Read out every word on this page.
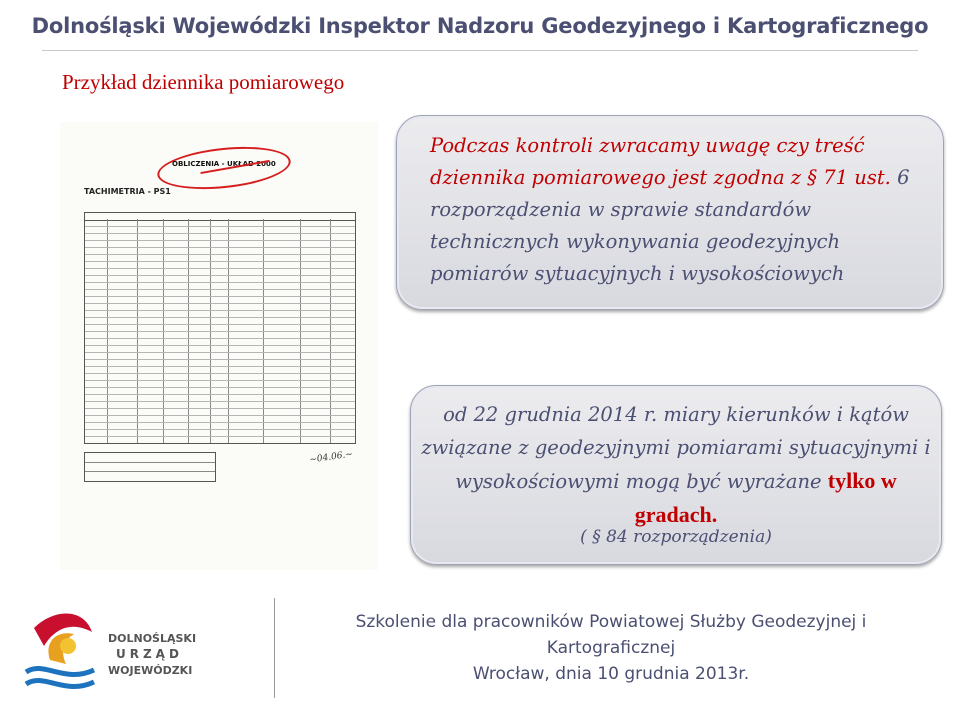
Dolnośląski Wojewódzki Inspektor Nadzoru Geodezyjnego i Kartograficznego
Przykład dziennika pomiarowego
OBLICZENIA - UKŁAD 2000
TACHIMETRIA - PS1
~04.06.~
Podczas kontroli zwracamy uwagę czy treść dziennika pomiarowego jest zgodna z § 71 ust. 6 rozporządzenia w sprawie standardów technicznych wykonywania geodezyjnych pomiarów sytuacyjnych i wysokościowych
od 22 grudnia 2014 r. miary kierunków i kątów związane z geodezyjnymi pomiarami sytuacyjnymi i wysokościowymi mogą być wyrażane tylko w gradach.
( § 84 rozporządzenia)
DOLNOŚLĄSKI
URZĄD
WOJEWÓDZKI
Szkolenie dla pracowników Powiatowej Służby Geodezyjnej i
Kartograficznej
Wrocław, dnia 10 grudnia 2013r.
